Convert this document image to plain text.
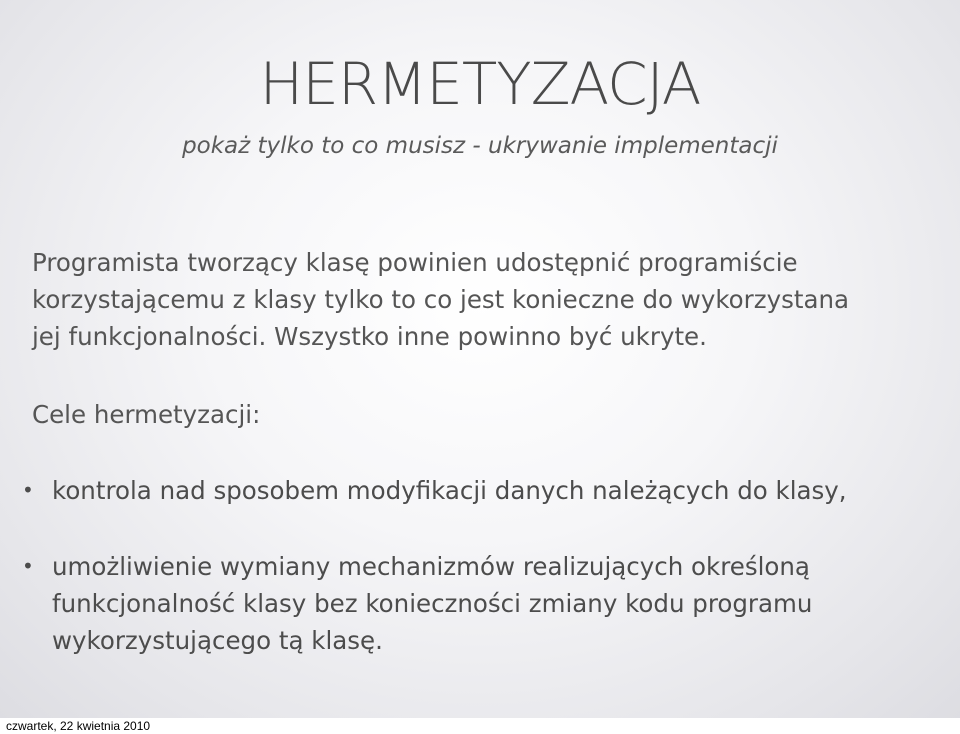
HERMETYZACJA
pokaż tylko to co musisz - ukrywanie implementacji
Programista tworzący klasę powinien udostępnić programiście
korzystającemu z klasy tylko to co jest konieczne do wykorzystana
jej funkcjonalności. Wszystko inne powinno być ukryte.
Cele hermetyzacji:
• kontrola nad sposobem modyfikacji danych należących do klasy,
• umożliwienie wymiany mechanizmów realizujących określoną
funkcjonalność klasy bez konieczności zmiany kodu programu
wykorzystującego tą klasę.
czwartek, 22 kwietnia 2010
